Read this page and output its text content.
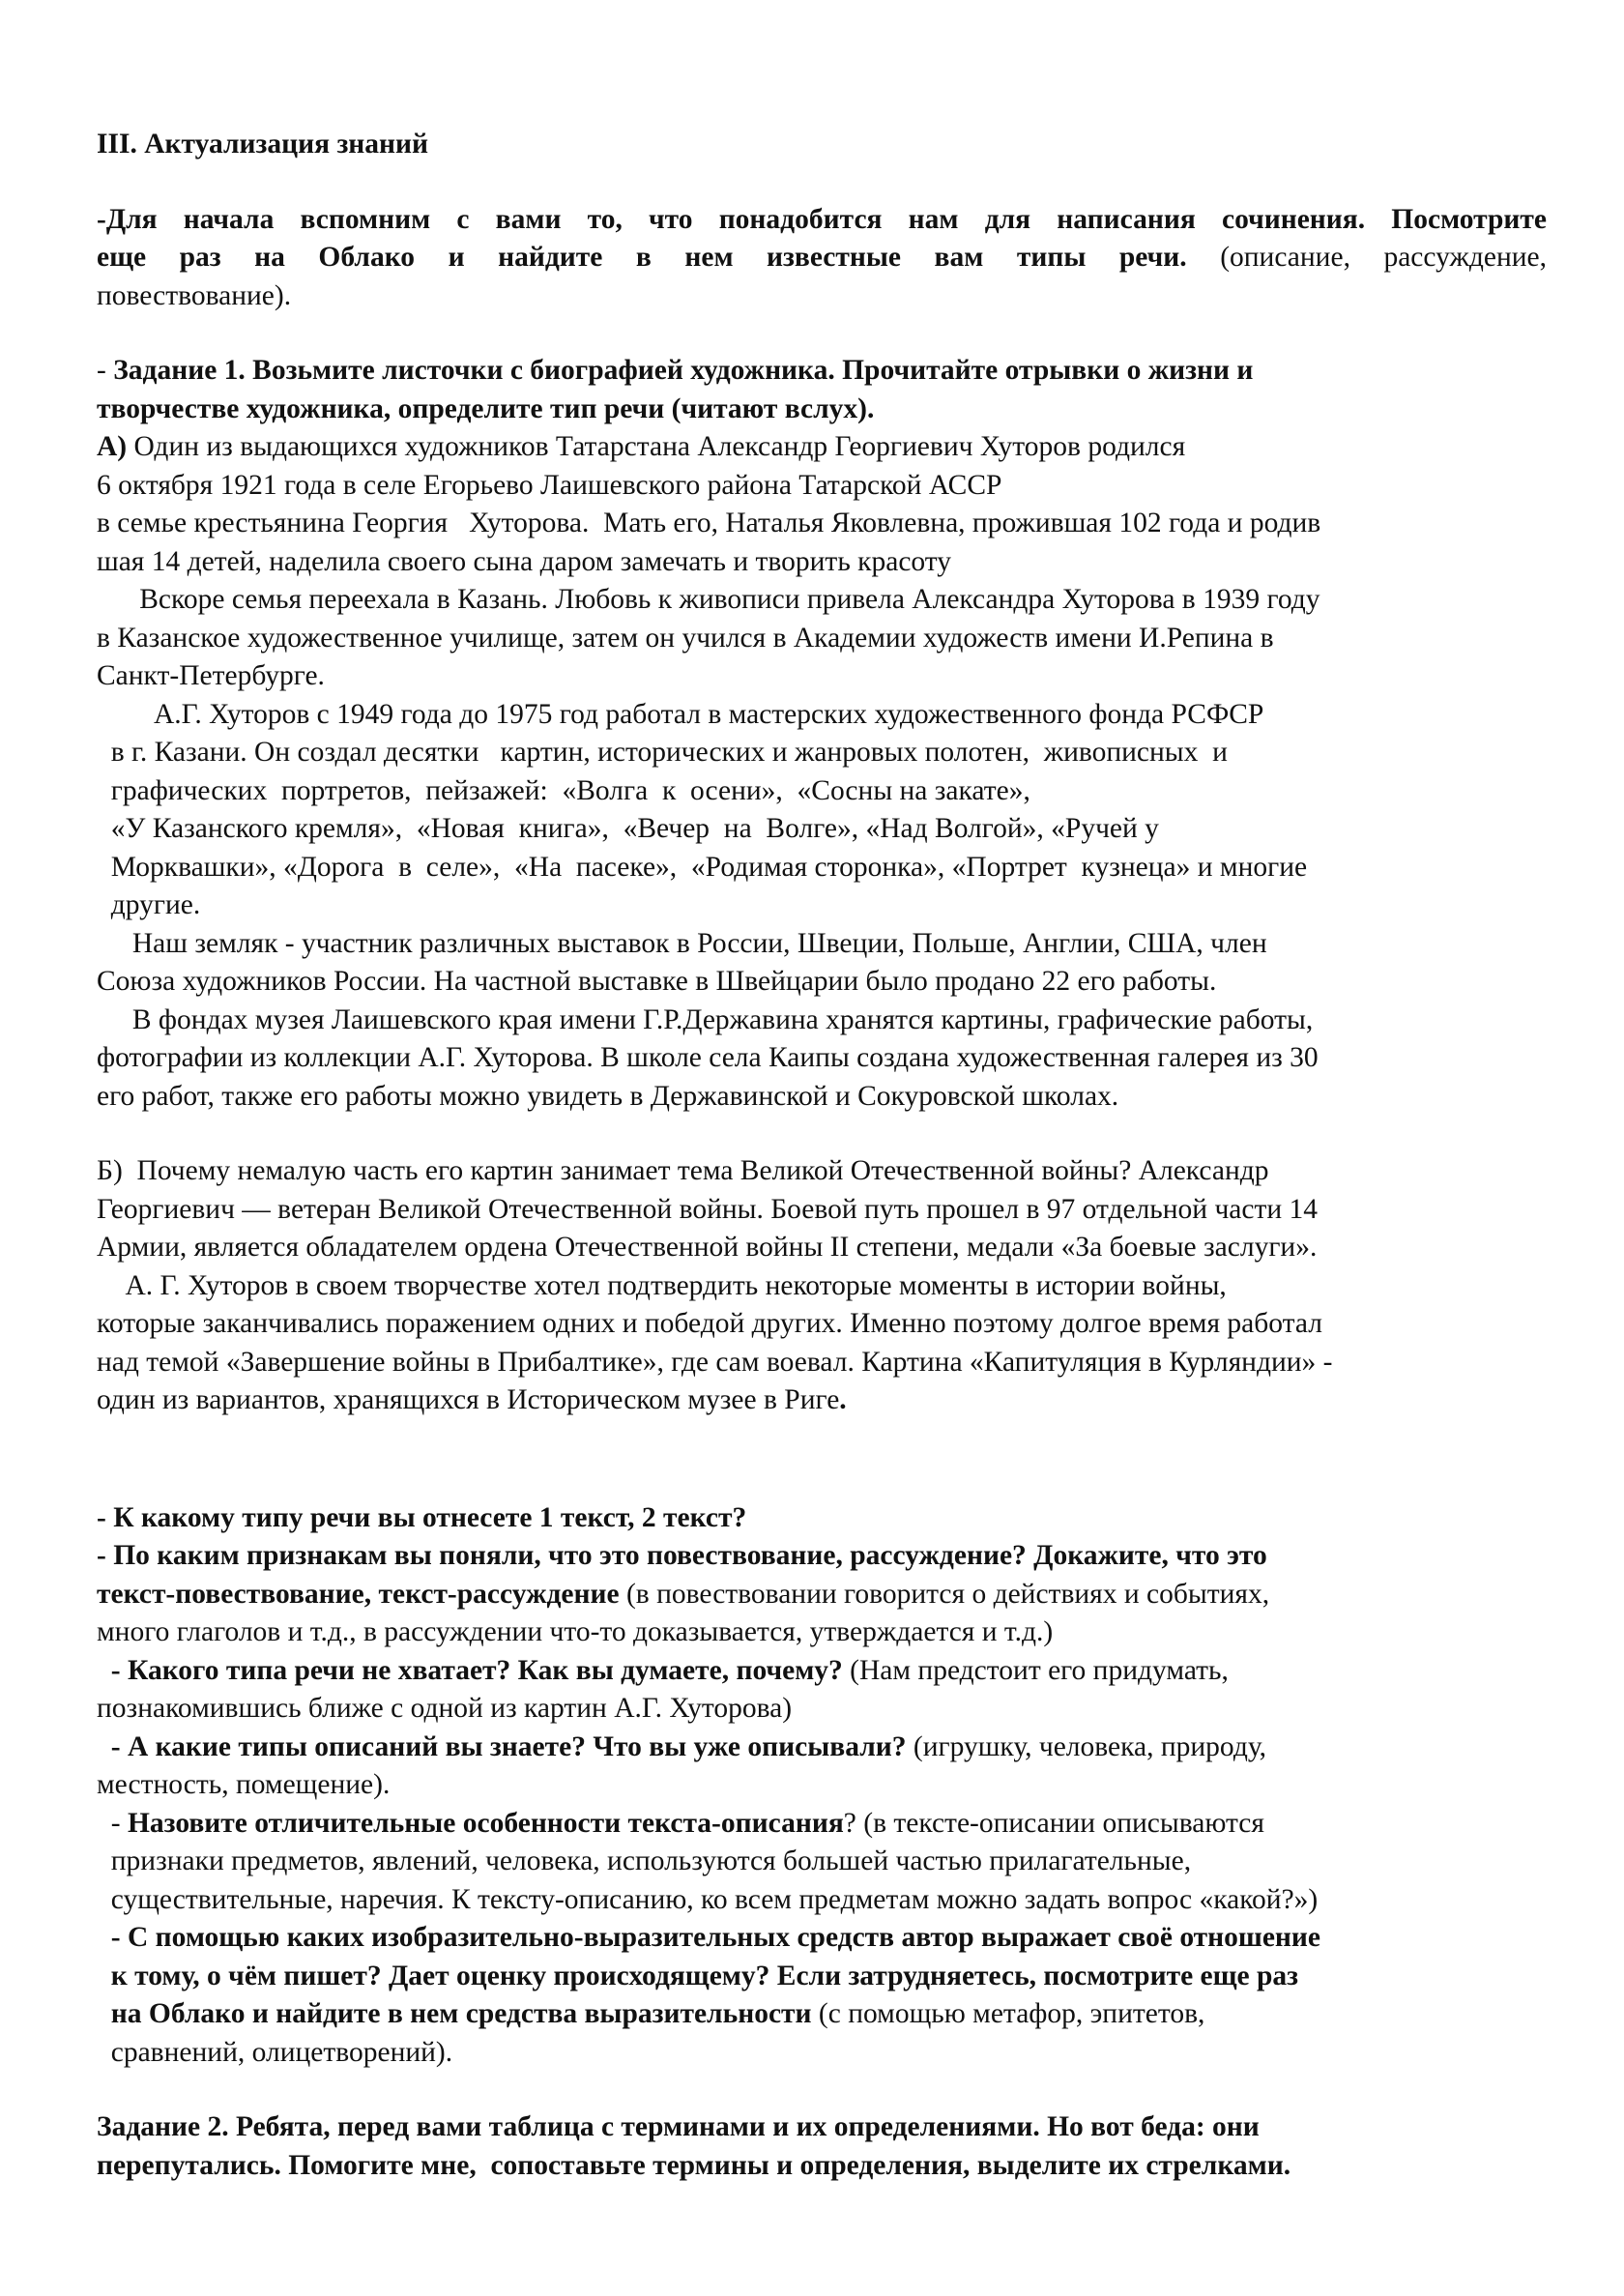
III. Актуализация знаний
-Для начала вспомним с вами то, что понадобится нам для написания сочинения. Посмотрите
еще раз на Облако и найдите в нем известные вам типы речи. (описание, рассуждение,
повествование).
- Задание 1. Возьмите листочки с биографией художника. Прочитайте отрывки о жизни и
творчестве художника, определите тип речи (читают вслух).
А) Один из выдающихся художников Татарстана Александр Георгиевич Хуторов родился
6 октября 1921 года в селе Егорьево Лаишевского района Татарской АССР
в семье крестьянина Георгия   Хуторова.  Мать его, Наталья Яковлевна, прожившая 102 года и родив
шая 14 детей, наделила своего сына даром замечать и творить красоту
Вскоре семья переехала в Казань. Любовь к живописи привела Александра Хуторова в 1939 году
в Казанское художественное училище, затем он учился в Академии художеств имени И.Репина в
Санкт-Петербурге.
А.Г. Хуторов с 1949 года до 1975 год работал в мастерских художественного фонда РСФСР
в г. Казани. Он создал десятки   картин, исторических и жанровых полотен,  живописных  и
графических  портретов,  пейзажей:  «Волга  к  осени»,  «Сосны на закате»,
«У Казанского кремля»,  «Новая  книга»,  «Вечер  на  Волге», «Над Волгой», «Ручей у
Морквашки», «Дорога  в  селе»,  «На  пасеке»,  «Родимая сторонка», «Портрет  кузнеца» и многие
другие.
Наш земляк - участник различных выставок в России, Швеции, Польше, Англии, США, член
Союза художников России. На частной выставке в Швейцарии было продано 22 его работы.
В фондах музея Лаишевского края имени Г.Р.Державина хранятся картины, графические работы,
фотографии из коллекции А.Г. Хуторова. В школе села Каипы создана художественная галерея из 30
его работ, также его работы можно увидеть в Державинской и Сокуровской школах.
Б)  Почему немалую часть его картин занимает тема Великой Отечественной войны? Александр
Георгиевич — ветеран Великой Отечественной войны. Боевой путь прошел в 97 отдельной части 14
Армии, является обладателем ордена Отечественной войны II степени, медали «За боевые заслуги».
А. Г. Хуторов в своем творчестве хотел подтвердить некоторые моменты в истории войны,
которые заканчивались поражением одних и победой других. Именно поэтому долгое время работал
над темой «Завершение войны в Прибалтике», где сам воевал. Картина «Капитуляция в Курляндии» -
один из вариантов, хранящихся в Историческом музее в Риге.
- К какому типу речи вы отнесете 1 текст, 2 текст?
- По каким признакам вы поняли, что это повествование, рассуждение? Докажите, что это
текст-повествование, текст-рассуждение (в повествовании говорится о действиях и событиях,
много глаголов и т.д., в рассуждении что-то доказывается, утверждается и т.д.)
- Какого типа речи не хватает? Как вы думаете, почему? (Нам предстоит его придумать,
познакомившись ближе с одной из картин А.Г. Хуторова)
- А какие типы описаний вы знаете? Что вы уже описывали? (игрушку, человека, природу,
местность, помещение).
- Назовите отличительные особенности текста-описания? (в тексте-описании описываются
признаки предметов, явлений, человека, используются большей частью прилагательные,
существительные, наречия. К тексту-описанию, ко всем предметам можно задать вопрос «какой?»)
- С помощью каких изобразительно-выразительных средств автор выражает своё отношение
к тому, о чём пишет? Дает оценку происходящему? Если затрудняетесь, посмотрите еще раз
на Облако и найдите в нем средства выразительности (с помощью метафор, эпитетов,
сравнений, олицетворений).
Задание 2. Ребята, перед вами таблица с терминами и их определениями. Но вот беда: они
перепутались. Помогите мне,  сопоставьте термины и определения, выделите их стрелками.
